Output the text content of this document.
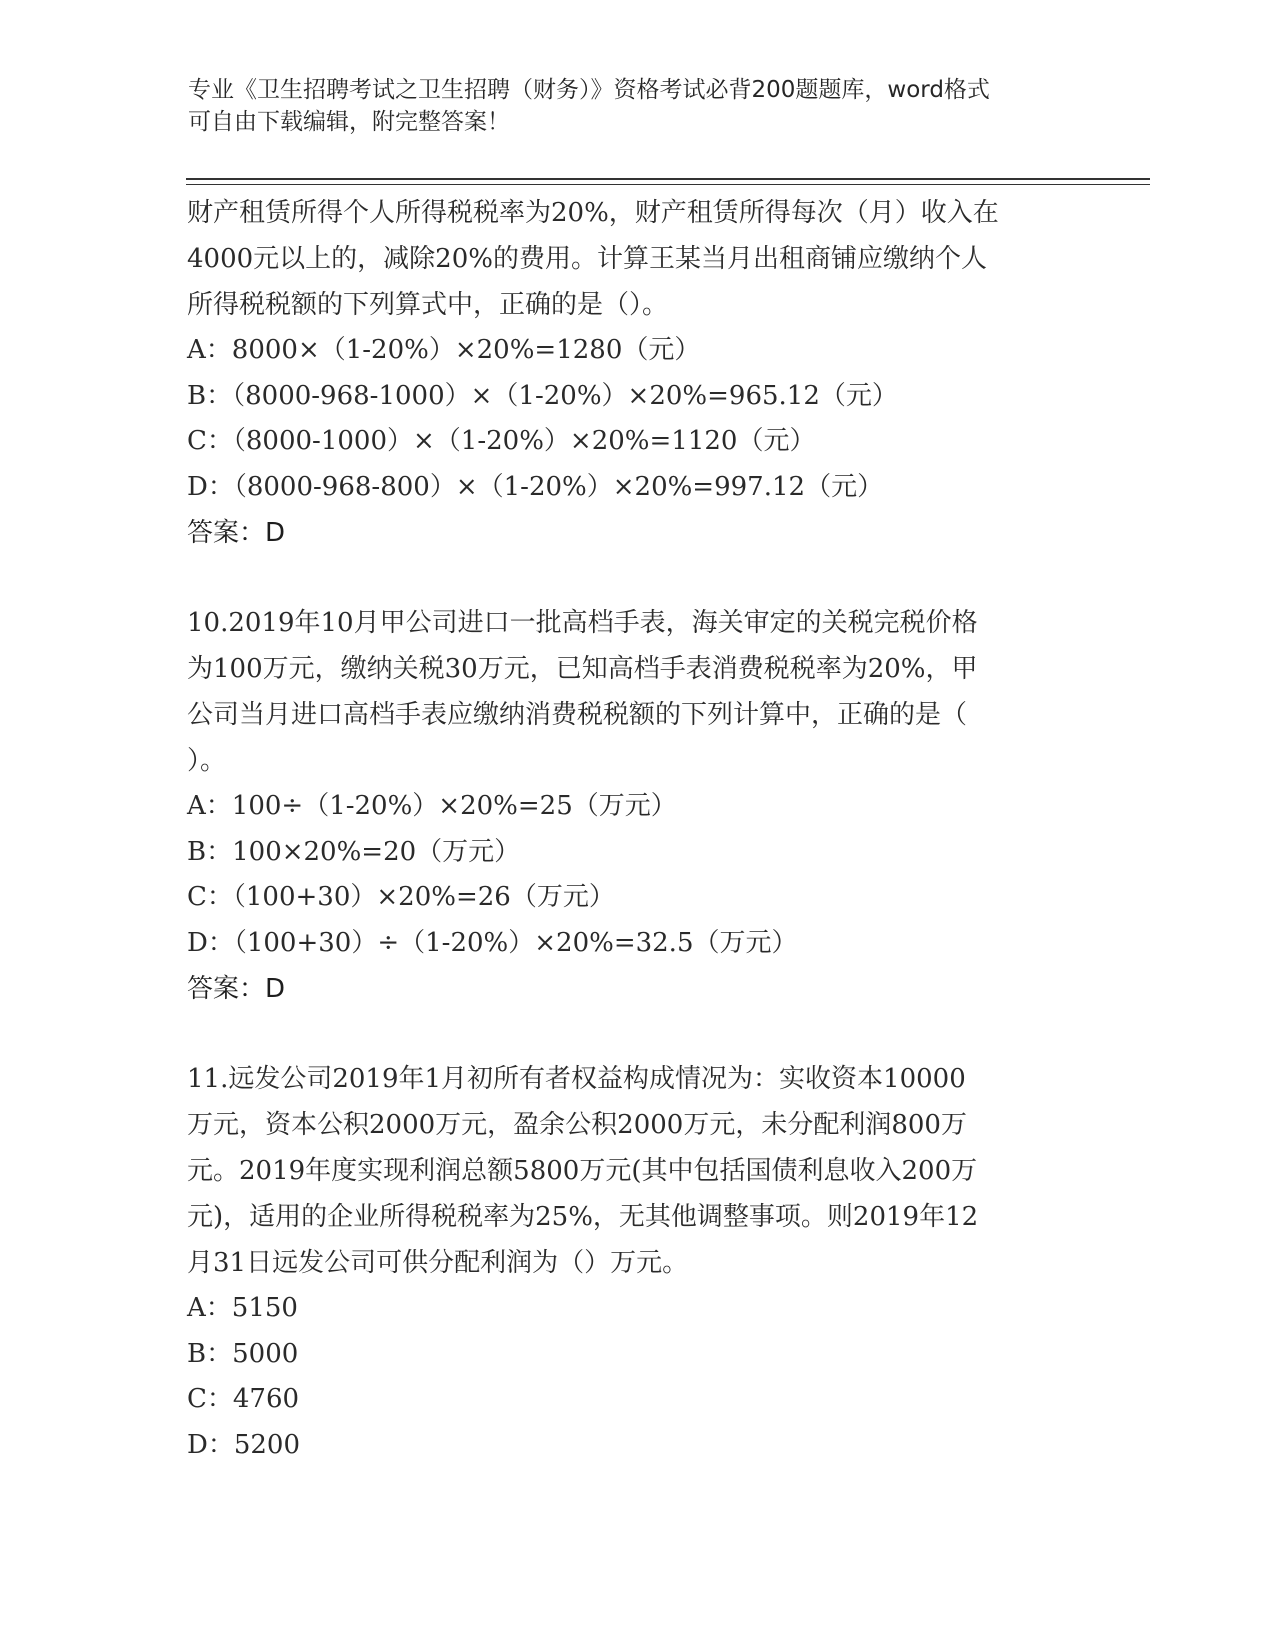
专业《卫生招聘考试之卫生招聘（财务）》资格考试必背200题题库，word格式
可自由下载编辑，附完整答案！

财产租赁所得个人所得税税率为20%，财产租赁所得每次（月）收入在

4000元以上的，减除20%的费用。计算王某当月出租商铺应缴纳个人

所得税税额的下列算式中，正确的是（）。

A：8000×（1-20%）×20%=1280（元）

B：（8000-968-1000）×（1-20%）×20%=965.12（元）

C：（8000-1000）×（1-20%）×20%=1120（元）

D：（8000-968-800）×（1-20%）×20%=997.12（元）

答案：D

10.2019年10月甲公司进口一批高档手表，海关审定的关税完税价格

为100万元，缴纳关税30万元，已知高档手表消费税税率为20%，甲

公司当月进口高档手表应缴纳消费税税额的下列计算中，正确的是（

）。

A：100÷（1-20%）×20%=25（万元）

B：100×20%=20（万元）

C：（100+30）×20%=26（万元）

D：（100+30）÷（1-20%）×20%=32.5（万元）

答案：D

11.远发公司2019年1月初所有者权益构成情况为：实收资本10000

万元，资本公积2000万元，盈余公积2000万元，未分配利润800万

元。2019年度实现利润总额5800万元(其中包括国债利息收入200万

元)，适用的企业所得税税率为25%，无其他调整事项。则2019年12

月31日远发公司可供分配利润为（）万元。

A：5150

B：5000

C：4760

D：5200
